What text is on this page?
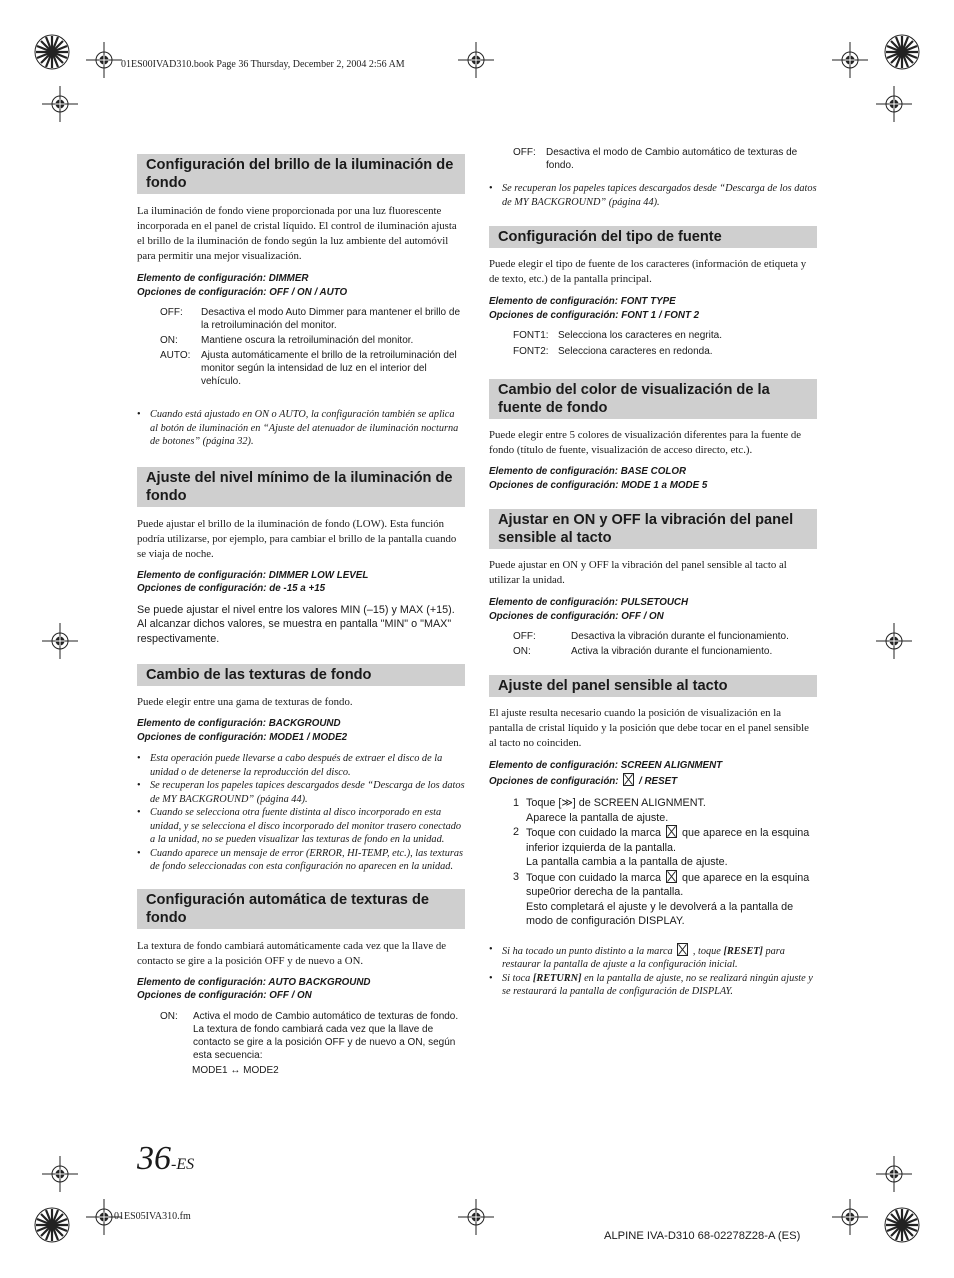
01ES00IVAD310.book Page 36 Thursday, December 2, 2004 2:56 AM
01ES05IVA310.fm
ALPINE IVA-D310 68-02278Z28-A (ES)
36-ES
Configuración del brillo de la iluminación de fondo

La iluminación de fondo viene proporcionada por una luz fluorescente incorporada en el panel de cristal líquido. El control de iluminación ajusta el brillo de la iluminación de fondo según la luz ambiente del automóvil para permitir una mejor visualización.

Elemento de configuración: DIMMER

Opciones de configuración: OFF / ON / AUTO

OFF:	Desactiva el modo Auto Dimmer para mantener el brillo de la retroiluminación del monitor.
ON:	Mantiene oscura la retroiluminación del monitor.
AUTO:	Ajusta automáticamente el brillo de la retroiluminación del monitor según la intensidad de luz en el interior del vehículo.

• Cuando está ajustado en ON o AUTO, la configuración también se aplica al botón de iluminación en “Ajuste del atenuador de iluminación nocturna de botones” (página 32).

Ajuste del nivel mínimo de la iluminación de fondo

Puede ajustar el brillo de la iluminación de fondo (LOW). Esta función podría utilizarse, por ejemplo, para cambiar el brillo de la pantalla cuando se viaja de noche.

Elemento de configuración: DIMMER LOW LEVEL

Opciones de configuración: de -15 a +15

Se puede ajustar el nivel entre los valores MIN (–15) y MAX (+15).

Al alcanzar dichos valores, se muestra en pantalla "MIN" o "MAX" respectivamente.

Cambio de las texturas de fondo

Puede elegir entre una gama de texturas de fondo.

Elemento de configuración: BACKGROUND

Opciones de configuración: MODE1 / MODE2

• Esta operación puede llevarse a cabo después de extraer el disco de la unidad o de detenerse la reproducción del disco.

• Se recuperan los papeles tapices descargados desde “Descarga de los datos de MY BACKGROUND” (página 44).

• Cuando se selecciona otra fuente distinta al disco incorporado en esta unidad, y se selecciona el disco incorporado del monitor trasero conectado a la unidad, no se pueden visualizar las texturas de fondo en la unidad.

• Cuando aparece un mensaje de error (ERROR, HI-TEMP, etc.), las texturas de fondo seleccionadas con esta configuración no aparecen en la unidad.

Configuración automática de texturas de fondo

La textura de fondo cambiará automáticamente cada vez que la llave de contacto se gire a la posición OFF y de nuevo a ON.

Elemento de configuración: AUTO BACKGROUND

Opciones de configuración: OFF / ON

ON:	Activa el modo de Cambio automático de texturas de fondo.
La textura de fondo cambiará cada vez que la llave de contacto se gire a la posición OFF y de nuevo a ON, según esta secuencia:
MODE1 ↔ MODE2
OFF:	Desactiva el modo de Cambio automático de texturas de fondo.

• Se recuperan los papeles tapices descargados desde “Descarga de los datos de MY BACKGROUND” (página 44).

Configuración del tipo de fuente

Puede elegir el tipo de fuente de los caracteres (información de etiqueta y de texto, etc.) de la pantalla principal.

Elemento de configuración: FONT TYPE

Opciones de configuración: FONT 1 / FONT 2

FONT1: Selecciona los caracteres en negrita.
FONT2: Selecciona caracteres en redonda.
Cambio del color de visualización de la fuente de fondo

Puede elegir entre 5 colores de visualización diferentes para la fuente de fondo (título de fuente, visualización de acceso directo, etc.).

Elemento de configuración: BASE COLOR

Opciones de configuración: MODE 1 a MODE 5

Ajustar en ON y OFF la vibración del panel sensible al tacto

Puede ajustar en ON y OFF la vibración del panel sensible al tacto al utilizar la unidad.

Elemento de configuración: PULSETOUCH

Opciones de configuración: OFF / ON

OFF:	Desactiva la vibración durante el funcionamiento.
ON:	Activa la vibración durante el funcionamiento.
Ajuste del panel sensible al tacto

El ajuste resulta necesario cuando la posición de visualización en la pantalla de cristal líquido y la posición que debe tocar en el panel sensible al tacto no coinciden.

Elemento de configuración: SCREEN ALIGNMENT

Opciones de configuración: / RESET

1 Toque [≫] de SCREEN ALIGNMENT.
Aparece la pantalla de ajuste.
2 Toque con cuidado la marca que aparece en la esquina inferior izquierda de la pantalla.
La pantalla cambia a la pantalla de ajuste.
3 Toque con cuidado la marca que aparece en la esquina supe0rior derecha de la pantalla.
Esto completará el ajuste y le devolverá a la pantalla de modo de configuración DISPLAY.

• Si ha tocado un punto distinto a la marca , toque [RESET] para restaurar la pantalla de ajuste a la configuración inicial.

• Si toca [RETURN] en la pantalla de ajuste, no se realizará ningún ajuste y se restaurará la pantalla de configuración de DISPLAY.
